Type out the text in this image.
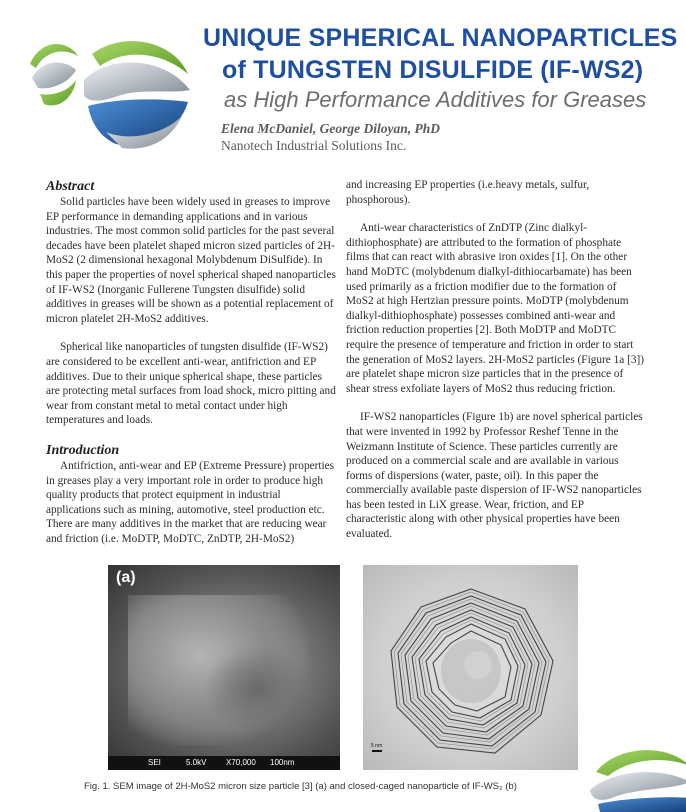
UNIQUE SPHERICAL NANOPARTICLES
of TUNGSTEN DISULFIDE (IF-WS2)
as High Performance Additives for Greases
Elena McDaniel, George Diloyan, PhD
Nanotech Industrial Solutions Inc.
Abstract

Solid particles have been widely used in greases to improve EP performance in demanding applications and in various industries. The most common solid particles for the past several decades have been platelet shaped micron sized particles of 2H-MoS2 (2 dimensional hexagonal Molybdenum DiSulfide). In this paper the properties of novel spherical shaped nanoparticles of IF-WS2 (Inorganic Fullerene Tungsten disulfide) solid additives in greases will be shown as a potential replacement of micron platelet 2H-MoS2 additives.

Spherical like nanoparticles of tungsten disulfide (IF-WS2) are considered to be excellent anti-wear, antifriction and EP additives. Due to their unique spherical shape, these particles are protecting metal surfaces from load shock, micro pitting and wear from constant metal to metal contact under high temperatures and loads.

Introduction

Antifriction, anti-wear and EP (Extreme Pressure) properties in greases play a very important role in order to produce high quality products that protect equipment in industrial applications such as mining, automotive, steel production etc. There are many additives in the market that are reducing wear and friction (i.e. MoDTP, MoDTC, ZnDTP, 2H-MoS2)

and increasing EP properties (i.e.heavy metals, sulfur, phosphorous).

Anti-wear characteristics of ZnDTP (Zinc dialkyl-dithiophosphate) are attributed to the formation of phosphate films that can react with abrasive iron oxides [1]. On the other hand MoDTC (molybdenum dialkyl-dithiocarbamate) has been used primarily as a friction modifier due to the formation of MoS2 at high Hertzian pressure points. MoDTP (molybdenum dialkyl-dithiophosphate) possesses combined anti-wear and friction reduction properties [2]. Both MoDTP and MoDTC require the presence of temperature and friction in order to start the generation of MoS2 layers. 2H-MoS2 particles (Figure 1a [3]) are platelet shape micron size particles that in the presence of shear stress exfoliate layers of MoS2 thus reducing friction.

IF-WS2 nanoparticles (Figure 1b) are novel spherical particles that were invented in 1992 by Professor Reshef Tenne in the Weizmann Institute of Science. These particles currently are produced on a commercial scale and are available in various forms of dispersions (water, paste, oil). In this paper the commercially available paste dispersion of IF-WS2 nanoparticles has been tested in LiX grease. Wear, friction, and EP characteristic along with other physical properties have been evaluated.

(a)
SEI	5.0kV X70,000 100nm
5 nm
Fig. 1. SEM image of 2H-MoS2 micron size particle [3] (a) and closed-caged nanoparticle of IF-WS₂ (b)
